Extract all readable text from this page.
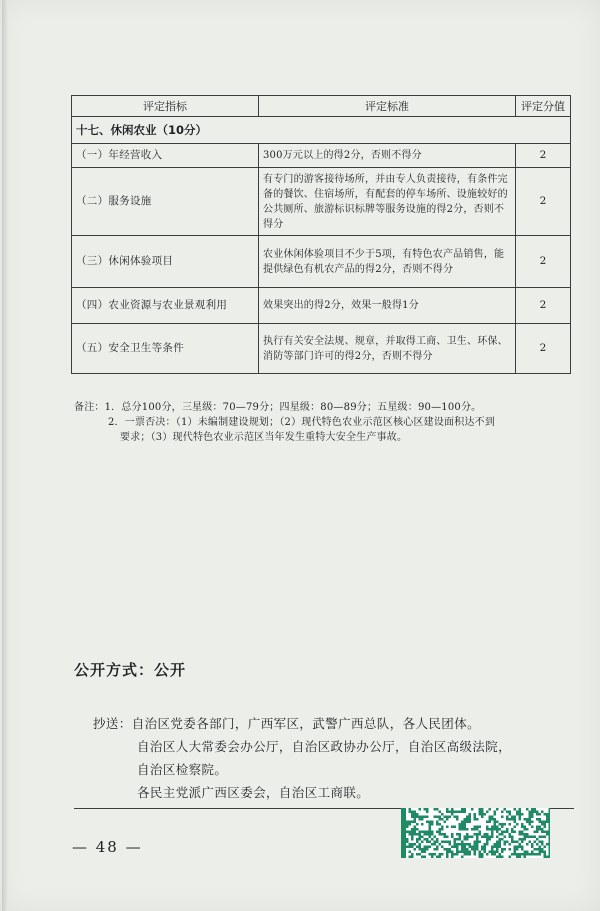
评定指标	评定标准	评定分值
十七、休闲农业（10分）		
（一）年经营收入	300万元以上的得2分，否则不得分	2
（二）服务设施	有专门的游客接待场所，并由专人负责接待，有条件完备的餐饮、住宿场所，有配套的停车场所、设施较好的公共厕所、旅游标识标牌等服务设施的得2分，否则不得分	2
（三）休闲体验项目	农业休闲体验项目不少于5项，有特色农产品销售，能提供绿色有机农产品的得2分，否则不得分	2
（四）农业资源与农业景观利用	效果突出的得2分，效果一般得1分	2
（五）安全卫生等条件	执行有关安全法规、规章，并取得工商、卫生、环保、消防等部门许可的得2分，否则不得分	2
备注：1．总分100分，三星级：70—79分；四星级：80—89分；五星级：90—100分。
2．一票否决：（1）未编制建设规划；（2）现代特色农业示范区核心区建设面积达不到
要求；（3）现代特色农业示范区当年发生重特大安全生产事故。
公开方式：公开
抄送：自治区党委各部门，广西军区，武警广西总队，各人民团体。
自治区人大常委会办公厅，自治区政协办公厅，自治区高级法院，
自治区检察院。
各民主党派广西区委会，自治区工商联。
— 48 —
